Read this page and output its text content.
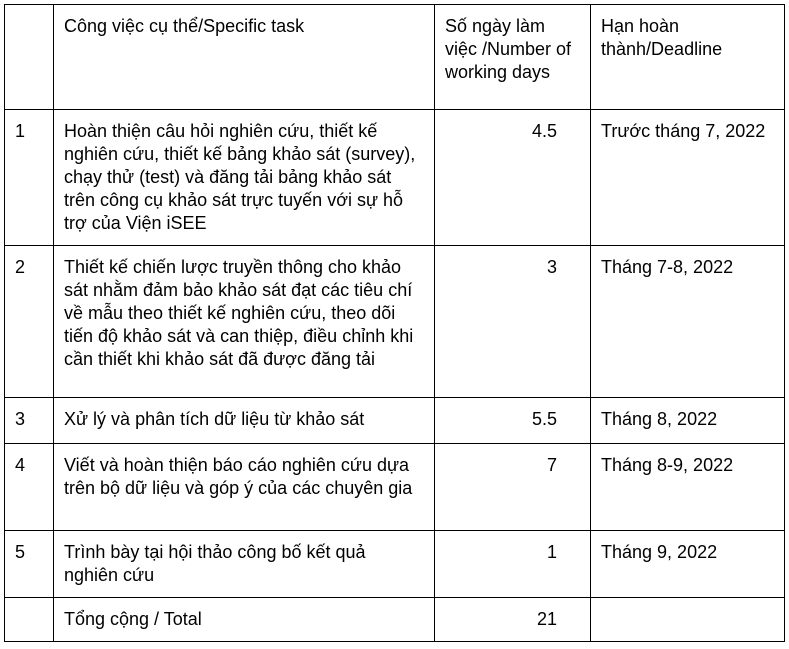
	Công việc cụ thể/Specific task	Số ngày làm việc /Number of working days	Hạn hoàn thành/Deadline
1	Hoàn thiện câu hỏi nghiên cứu, thiết kế nghiên cứu, thiết kế bảng khảo sát (survey), chạy thử (test) và đăng tải bảng khảo sát trên công cụ khảo sát trực tuyến với sự hỗ trợ của Viện iSEE	4.5	Trước tháng 7, 2022
2	Thiết kế chiến lược truyền thông cho khảo sát nhằm đảm bảo khảo sát đạt các tiêu chí về mẫu theo thiết kế nghiên cứu, theo dõi tiến độ khảo sát và can thiệp, điều chỉnh khi cần thiết khi khảo sát đã được đăng tải	3	Tháng 7-8, 2022
3	Xử lý và phân tích dữ liệu từ khảo sát	5.5	Tháng 8, 2022
4	Viết và hoàn thiện báo cáo nghiên cứu dựa trên bộ dữ liệu và góp ý của các chuyên gia	7	Tháng 8-9, 2022
5	Trình bày tại hội thảo công bố kết quả nghiên cứu	1	Tháng 9, 2022
	Tổng cộng / Total	21	
